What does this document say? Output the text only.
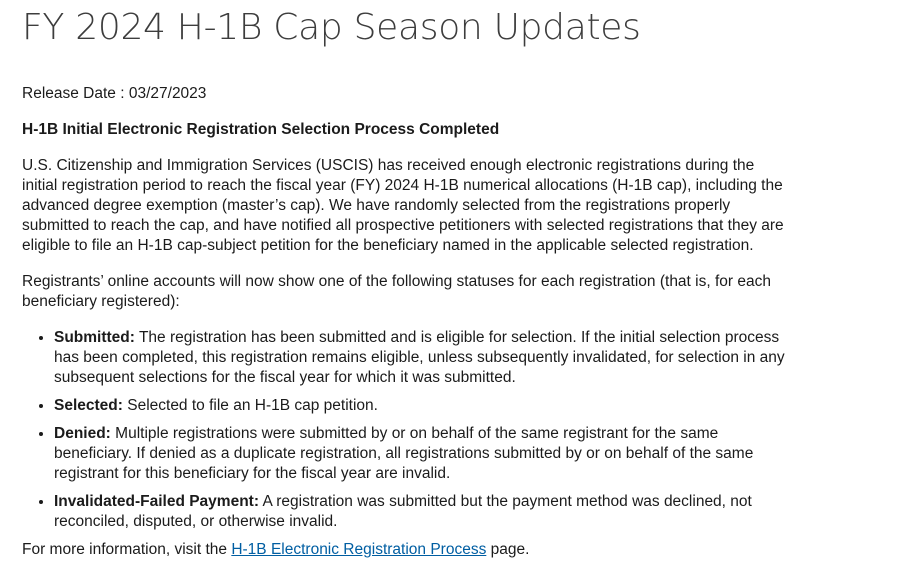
FY 2024 H-1B Cap Season Updates

Release Date : 03/27/2023

H-1B Initial Electronic Registration Selection Process Completed

U.S. Citizenship and Immigration Services (USCIS) has received enough electronic registrations during the initial registration period to reach the fiscal year (FY) 2024 H-1B numerical allocations (H-1B cap), including the advanced degree exemption (master’s cap). We have randomly selected from the registrations properly submitted to reach the cap, and have notified all prospective petitioners with selected registrations that they are eligible to file an H-1B cap-subject petition for the beneficiary named in the applicable selected registration.

Registrants’ online accounts will now show one of the following statuses for each registration (that is, for each beneficiary registered):

• Submitted: The registration has been submitted and is eligible for selection. If the initial selection process has been completed, this registration remains eligible, unless subsequently invalidated, for selection in any subsequent selections for the fiscal year for which it was submitted.
• Selected: Selected to file an H-1B cap petition.
• Denied: Multiple registrations were submitted by or on behalf of the same registrant for the same beneficiary. If denied as a duplicate registration, all registrations submitted by or on behalf of the same registrant for this beneficiary for the fiscal year are invalid.
• Invalidated-Failed Payment: A registration was submitted but the payment method was declined, not reconciled, disputed, or otherwise invalid.

For more information, visit the H-1B Electronic Registration Process page.
